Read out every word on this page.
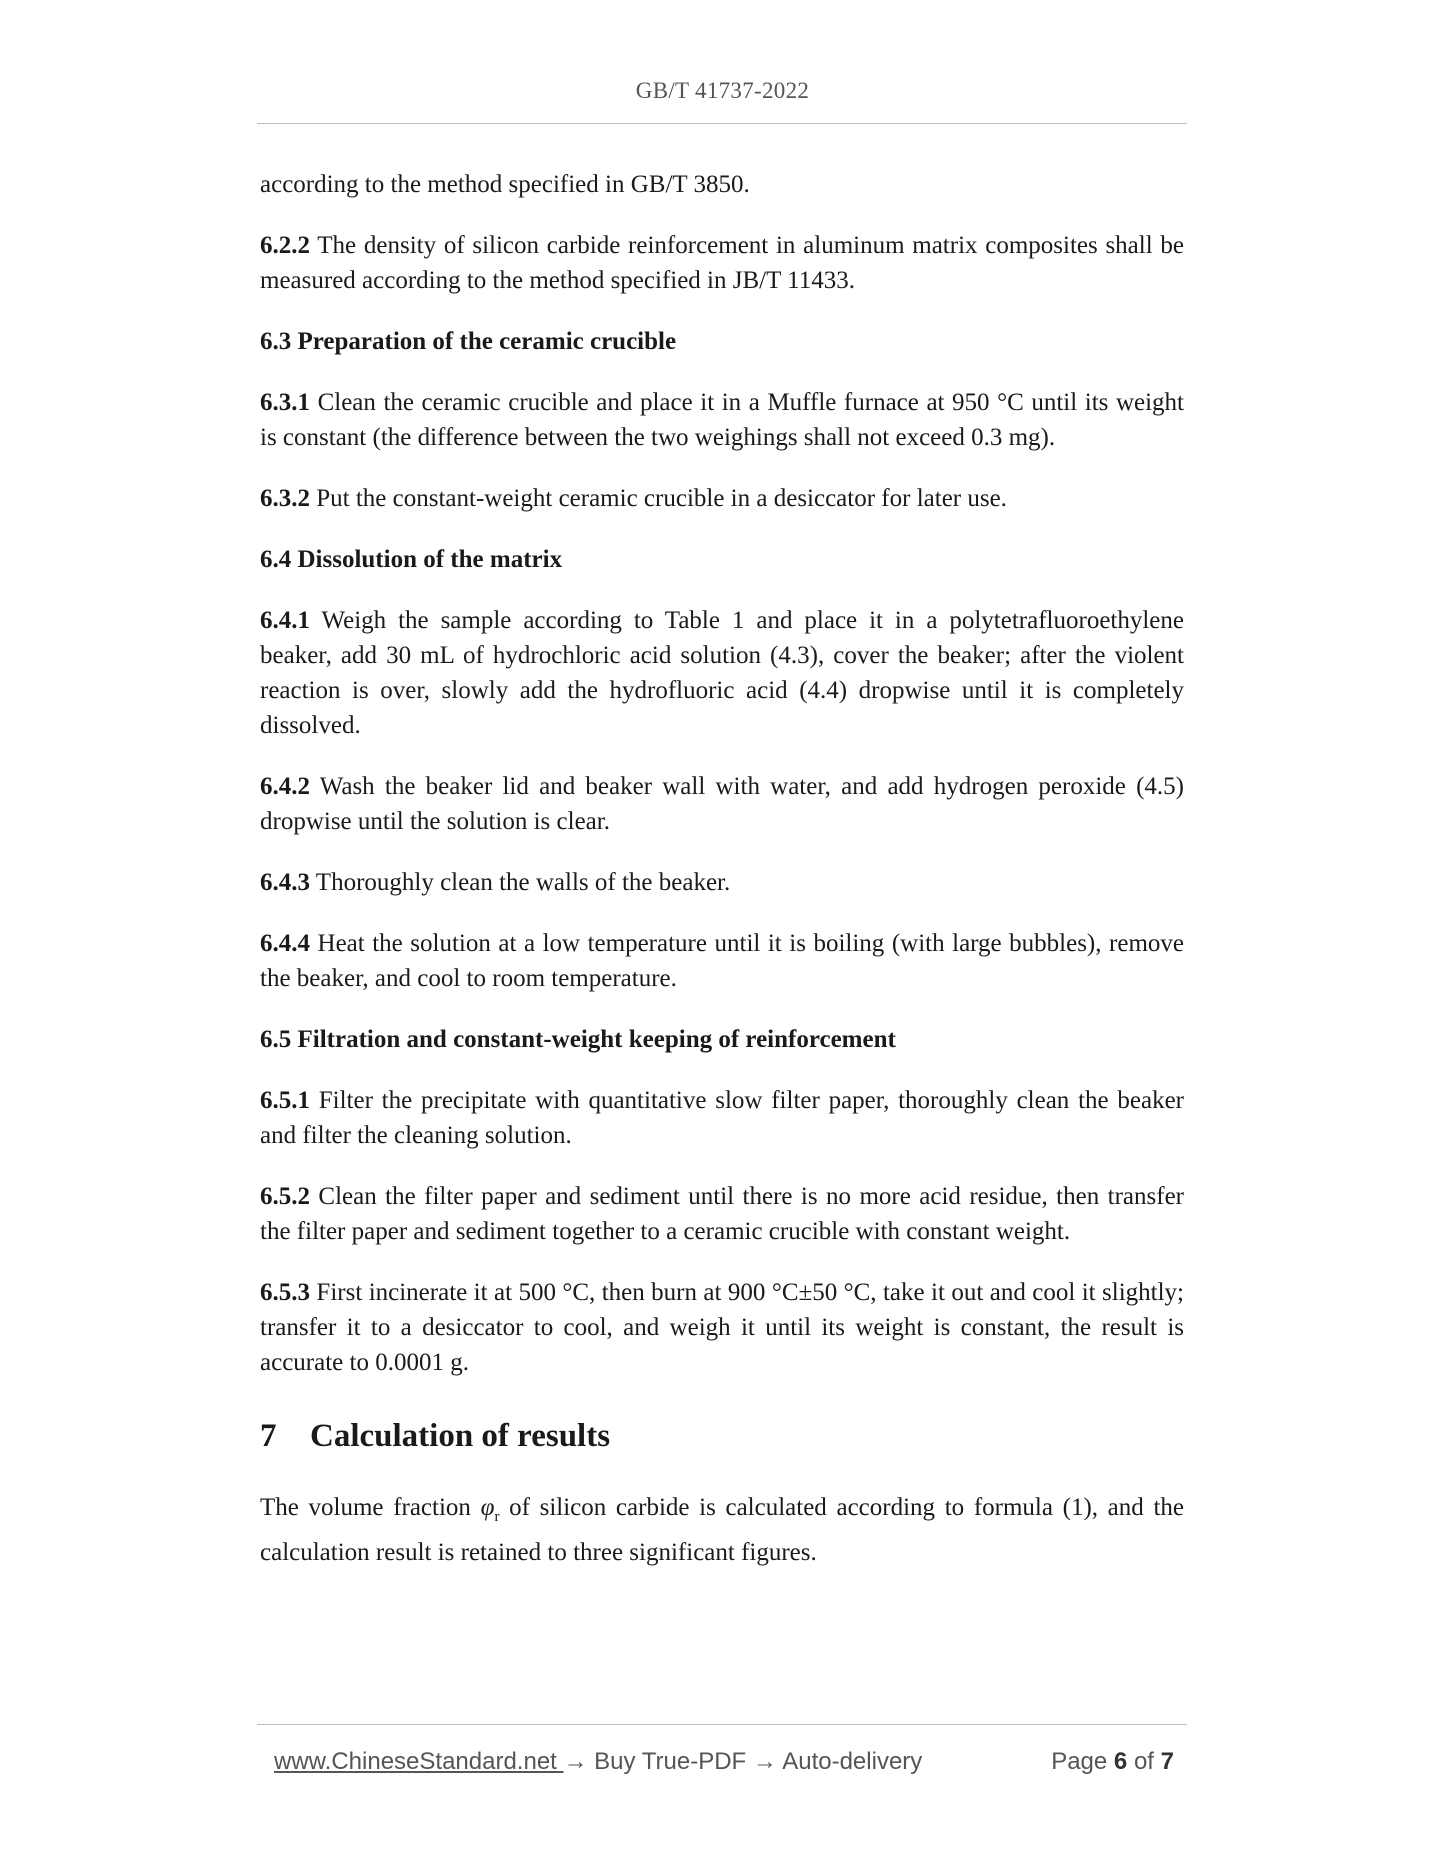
GB/T 41737-2022

according to the method specified in GB/T 3850.

6.2.2 The density of silicon carbide reinforcement in aluminum matrix composites shall be measured according to the method specified in JB/T 11433.

6.3 Preparation of the ceramic crucible

6.3.1 Clean the ceramic crucible and place it in a Muffle furnace at 950 °C until its weight is constant (the difference between the two weighings shall not exceed 0.3 mg).

6.3.2 Put the constant-weight ceramic crucible in a desiccator for later use.

6.4 Dissolution of the matrix

6.4.1 Weigh the sample according to Table 1 and place it in a polytetrafluoroethylene beaker, add 30 mL of hydrochloric acid solution (4.3), cover the beaker; after the violent reaction is over, slowly add the hydrofluoric acid (4.4) dropwise until it is completely dissolved.

6.4.2 Wash the beaker lid and beaker wall with water, and add hydrogen peroxide (4.5) dropwise until the solution is clear.

6.4.3 Thoroughly clean the walls of the beaker.

6.4.4 Heat the solution at a low temperature until it is boiling (with large bubbles), remove the beaker, and cool to room temperature.

6.5 Filtration and constant-weight keeping of reinforcement

6.5.1 Filter the precipitate with quantitative slow filter paper, thoroughly clean the beaker and filter the cleaning solution.

6.5.2 Clean the filter paper and sediment until there is no more acid residue, then transfer the filter paper and sediment together to a ceramic crucible with constant weight.

6.5.3 First incinerate it at 500 °C, then burn at 900 °C±50 °C, take it out and cool it slightly; transfer it to a desiccator to cool, and weigh it until its weight is constant, the result is accurate to 0.0001 g.

7 Calculation of results

The volume fraction $\varphi_r$ of silicon carbide is calculated according to formula (1), and the calculation result is retained to three significant figures.

www.ChineseStandard.net → Buy True-PDF → Auto-delivery	Page 6 of 7
